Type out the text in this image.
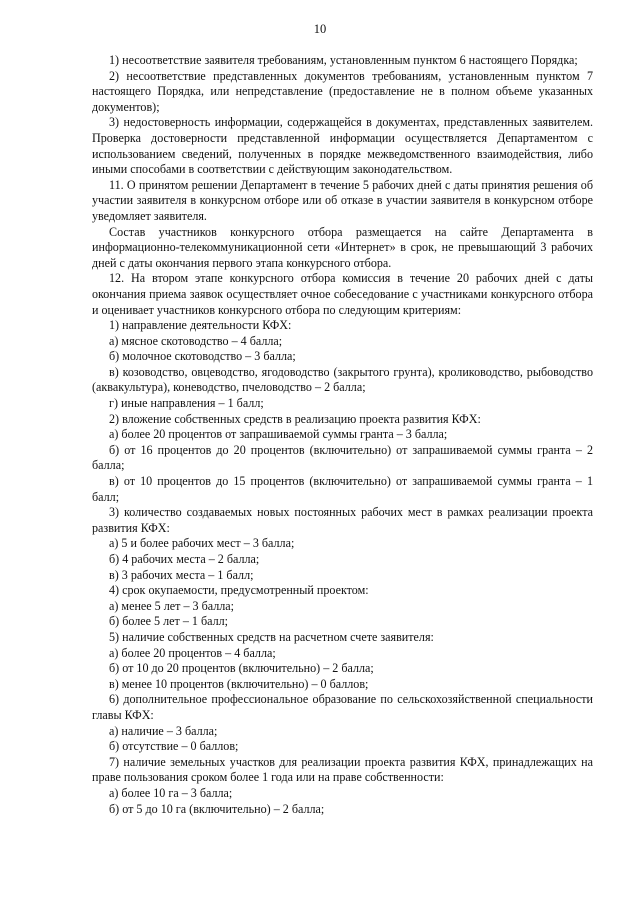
10

1) несоответствие заявителя требованиям, установленным пунктом 6 настоящего Порядка;

2) несоответствие представленных документов требованиям, установленным пунктом 7 настоящего Порядка, или непредставление (предоставление не в полном объеме указанных документов);

3) недостоверность информации, содержащейся в документах, представленных заявителем. Проверка достоверности представленной информации осуществляется Департаментом с использованием сведений, полученных в порядке межведомственного взаимодействия, либо иными способами в соответствии с действующим законодательством.

11. О принятом решении Департамент в течение 5 рабочих дней с даты принятия решения об участии заявителя в конкурсном отборе или об отказе в участии заявителя в конкурсном отборе уведомляет заявителя.

Состав участников конкурсного отбора размещается на сайте Департамента в информационно-телекоммуникационной сети «Интернет» в срок, не превышающий 3 рабочих дней с даты окончания первого этапа конкурсного отбора.

12. На втором этапе конкурсного отбора комиссия в течение 20 рабочих дней с даты окончания приема заявок осуществляет очное собеседование с участниками конкурсного отбора и оценивает участников конкурсного отбора по следующим критериям:

1) направление деятельности КФХ:

а) мясное скотоводство – 4 балла;

б) молочное скотоводство – 3 балла;

в) козоводство, овцеводство, ягодоводство (закрытого грунта), кролиководство, рыбоводство (аквакультура), коневодство, пчеловодство – 2 балла;

г) иные направления – 1 балл;

2) вложение собственных средств в реализацию проекта развития КФХ:

а) более 20 процентов от запрашиваемой суммы гранта – 3 балла;

б) от 16 процентов до 20 процентов (включительно) от запрашиваемой суммы гранта – 2 балла;

в) от 10 процентов до 15 процентов (включительно) от запрашиваемой суммы гранта – 1 балл;

3) количество создаваемых новых постоянных рабочих мест в рамках реализации проекта развития КФХ:

а) 5 и более рабочих мест – 3 балла;

б) 4 рабочих места – 2 балла;

в) 3 рабочих места – 1 балл;

4) срок окупаемости, предусмотренный проектом:

а) менее 5 лет – 3 балла;

б) более 5 лет – 1 балл;

5) наличие собственных средств на расчетном счете заявителя:

а) более 20 процентов – 4 балла;

б) от 10 до 20 процентов (включительно) – 2 балла;

в) менее 10 процентов (включительно) – 0 баллов;

6) дополнительное профессиональное образование по сельскохозяйственной специальности главы КФХ:

а) наличие – 3 балла;

б) отсутствие – 0 баллов;

7) наличие земельных участков для реализации проекта развития КФХ, принадлежащих на праве пользования сроком более 1 года или на праве собственности:

а) более 10 га – 3 балла;

б) от 5 до 10 га (включительно) – 2 балла;
